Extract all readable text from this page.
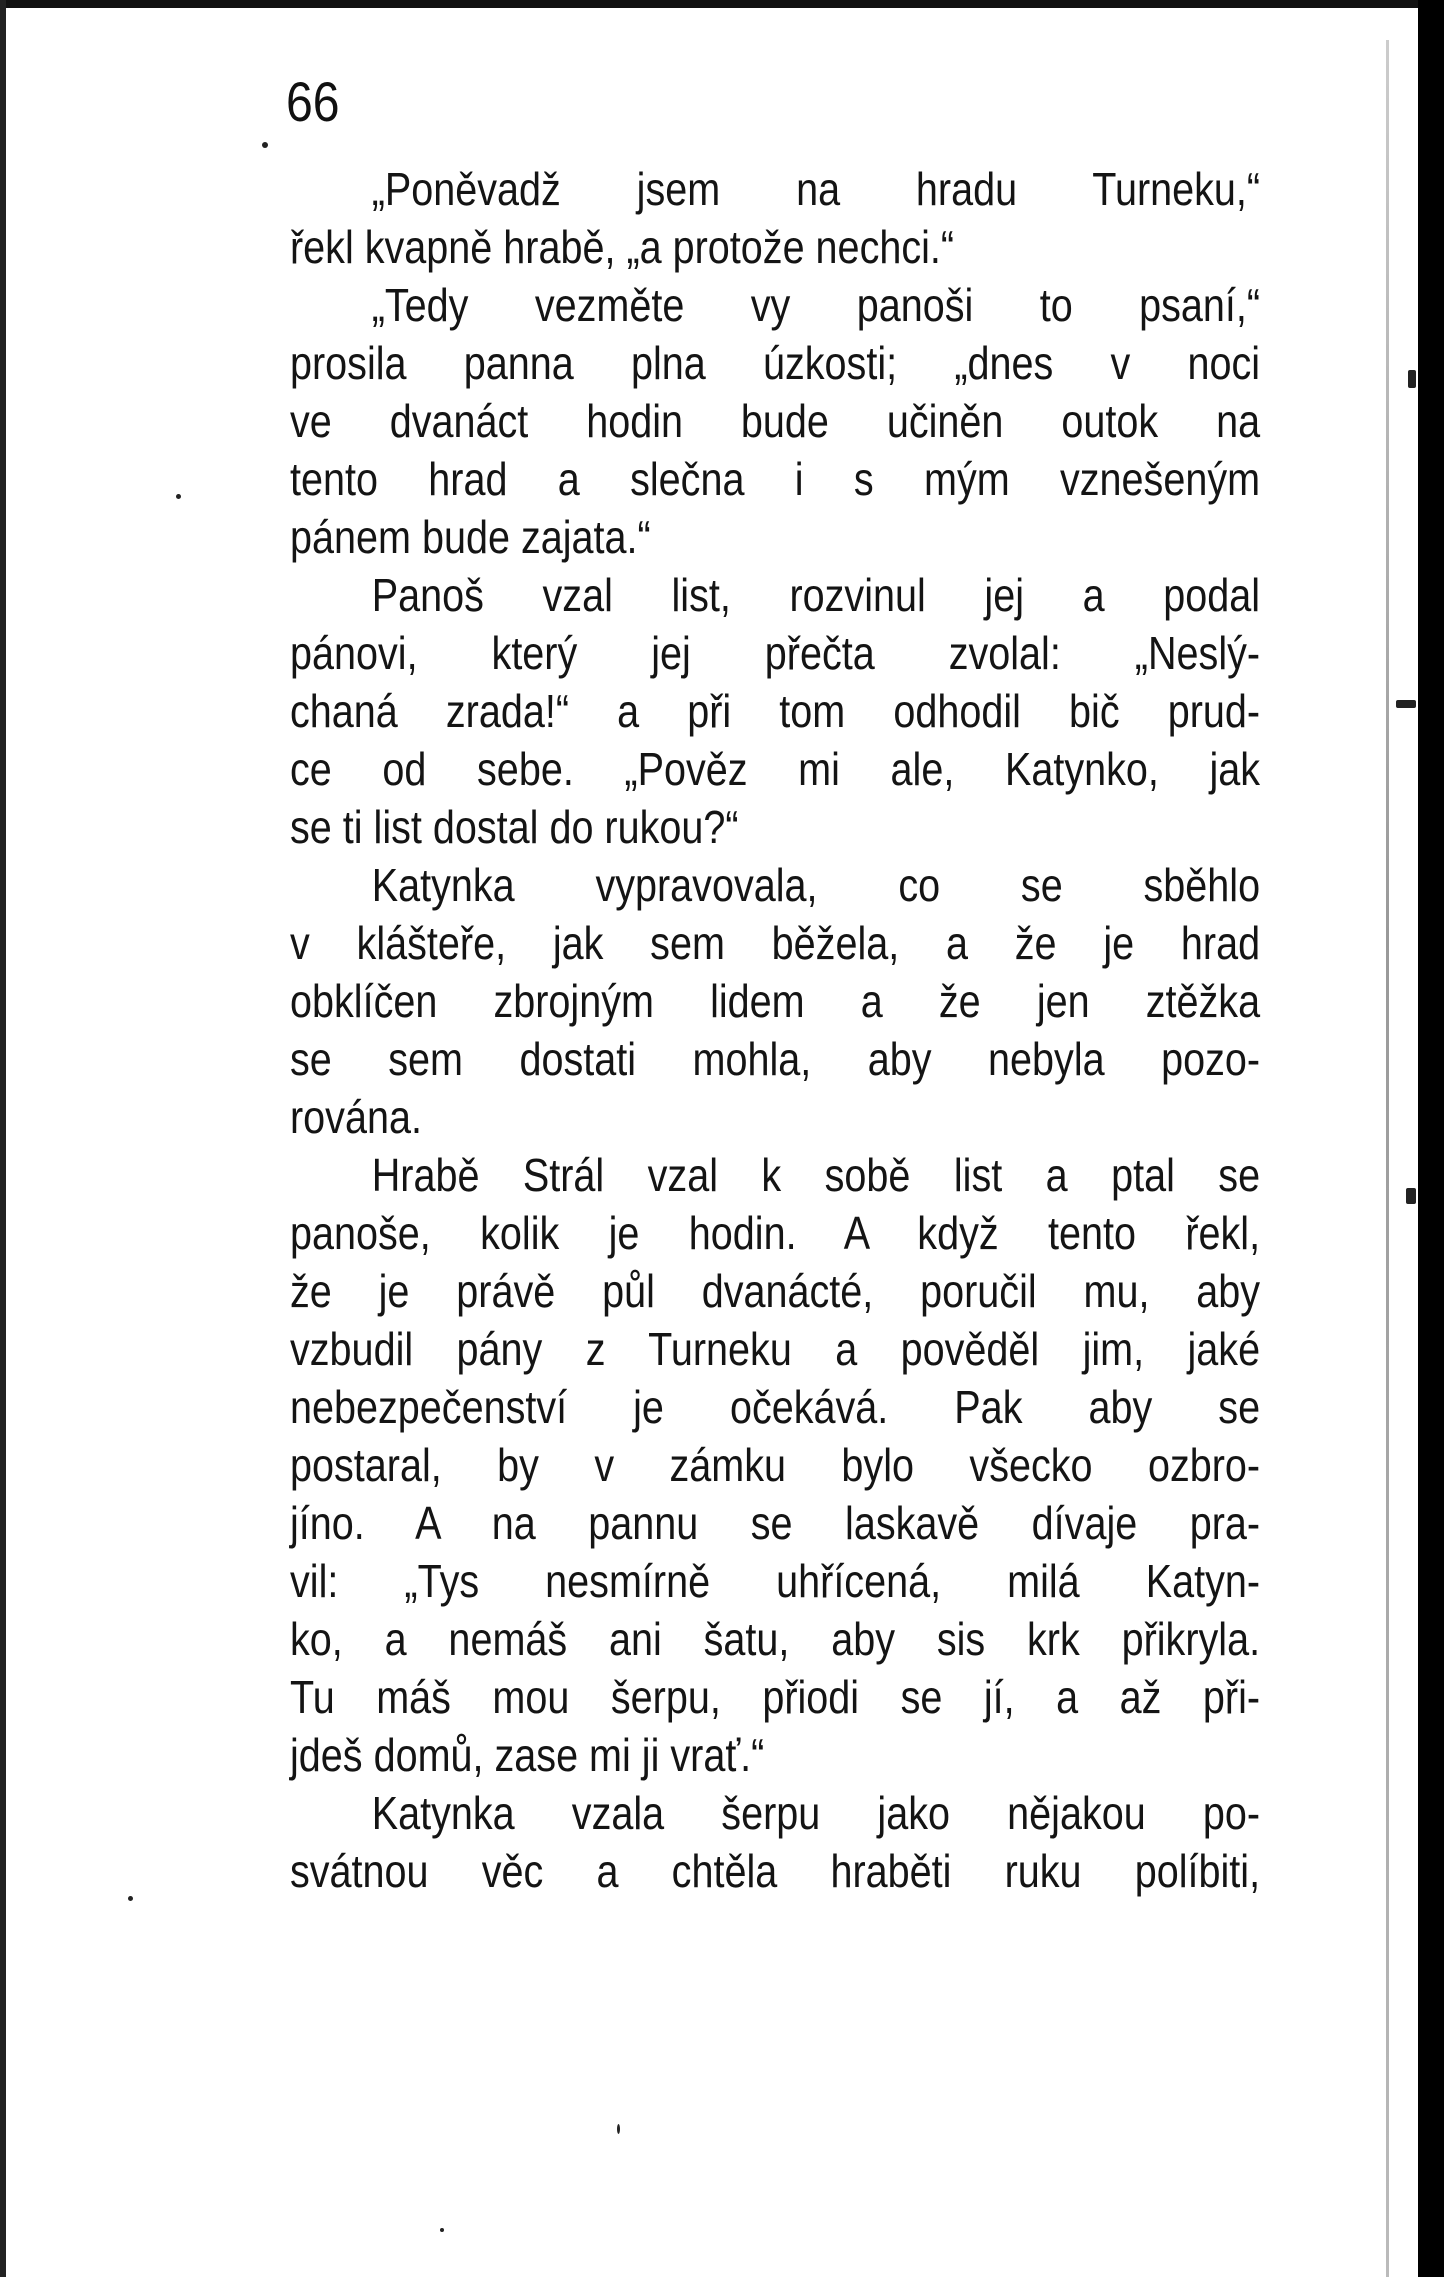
66
„Poněvadž jsem na hradu Turneku,“
řekl kvapně hrabě, „a protože nechci.“
„Tedy vezměte vy panoši to psaní,“
prosila panna plna úzkosti; „dnes v noci
ve dvanáct hodin bude učiněn outok na
tento hrad a slečna i s mým vznešeným
pánem bude zajata.“
Panoš vzal list, rozvinul jej a podal
pánovi, který jej přečta zvolal: „Neslý-
chaná zrada!“ a při tom odhodil bič prud-
ce od sebe. „Pověz mi ale, Katynko, jak
se ti list dostal do rukou?“
Katynka vypravovala, co se sběhlo
v klášteře, jak sem běžela, a že je hrad
obklíčen zbrojným lidem a že jen ztěžka
se sem dostati mohla, aby nebyla pozo-
rována.
Hrabě Strál vzal k sobě list a ptal se
panoše, kolik je hodin. A když tento řekl,
že je právě půl dvanácté, poručil mu, aby
vzbudil pány z Turneku a pověděl jim, jaké
nebezpečenství je očekává. Pak aby se
postaral, by v zámku bylo všecko ozbro-
jíno. A na pannu se laskavě dívaje pra-
vil: „Tys nesmírně uhřícená, milá Katyn-
ko, a nemáš ani šatu, aby sis krk přikryla.
Tu máš mou šerpu, přiodi se jí, a až při-
jdeš domů, zase mi ji vrať.“
Katynka vzala šerpu jako nějakou po-
svátnou věc a chtěla hraběti ruku políbiti,
